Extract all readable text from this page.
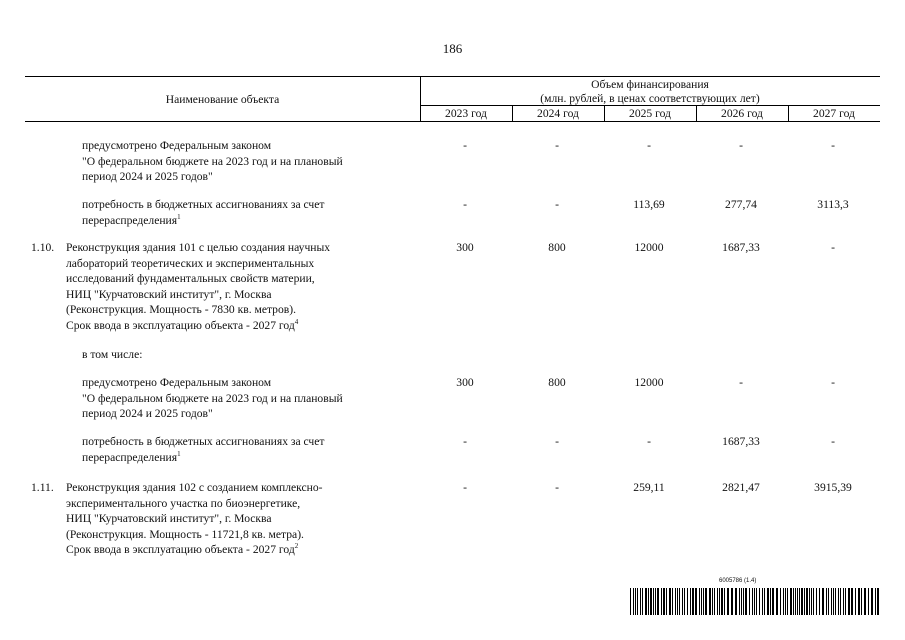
186
Наименование объекта
Объем финансирования
(млн. рублей, в ценах соответствующих лет)
2023 год	2024 год	2025 год	2026 год	2027 год
предусмотрено Федеральным законом
"О федеральном бюджете на 2023 год и на плановый
период 2024 и 2025 годов"
-	-	-	-	-
потребность в бюджетных ассигнованиях за счет
перераспределения$^1$
-	-	113,69	277,74	3113,3
1.10. Реконструкция здания 101 с целью создания научных
лабораторий теоретических и экспериментальных
исследований фундаментальных свойств материи,
НИЦ "Курчатовский институт", г. Москва
(Реконструкция. Мощность - 7830 кв. метров).
Срок ввода в эксплуатацию объекта - 2027 год$^4$
300	800	12000	1687,33	-
в том числе:
предусмотрено Федеральным законом
"О федеральном бюджете на 2023 год и на плановый
период 2024 и 2025 годов"
300	800	12000	-	-
потребность в бюджетных ассигнованиях за счет
перераспределения$^1$
-	-	-	1687,33	-
1.11. Реконструкция здания 102 с созданием комплексно-
экспериментального участка по биоэнергетике,
НИЦ "Курчатовский институт", г. Москва
(Реконструкция. Мощность - 11721,8 кв. метра).
Срок ввода в эксплуатацию объекта - 2027 год$^2$
-	-	259,11	2821,47	3915,39
6005786 (1.4)
